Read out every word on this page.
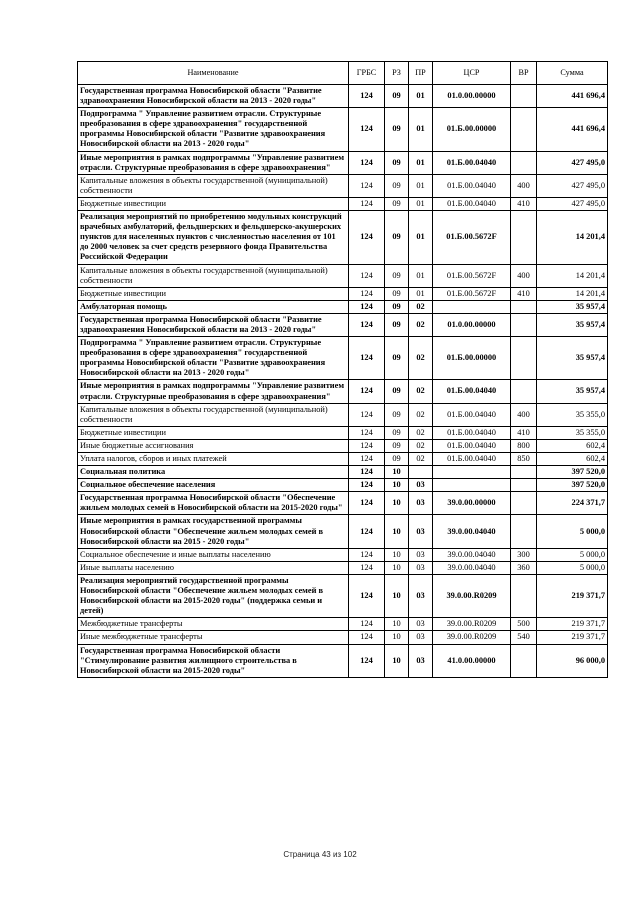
Наименование	ГРБС	РЗ	ПР	ЦСР	ВР	Сумма
Государственная программа Новосибирской области "Развитие здравоохранения Новосибирской области на 2013 - 2020 годы"	124	09	01	01.0.00.00000		441 696,4
Подпрограмма " Управление развитием отрасли. Структурные преобразования в сфере здравоохранения" государственной программы Новосибирской области "Развитие здравоохранения Новосибирской области на 2013 - 2020 годы"	124	09	01	01.Б.00.00000		441 696,4
Иные мероприятия в рамках подпрограммы "Управление развитием отрасли. Структурные преобразования в сфере здравоохранения"	124	09	01	01.Б.00.04040		427 495,0
Капитальные вложения в объекты государственной (муниципальной) собственности	124	09	01	01.Б.00.04040	400	427 495,0
Бюджетные инвестиции	124	09	01	01.Б.00.04040	410	427 495,0
Реализация мероприятий по приобретению модульных конструкций врачебных амбулаторий, фельдшерских и фельдшерско-акушерских пунктов для населенных пунктов с численностью населения от 101 до 2000 человек за счет средств резервного фонда Правительства Российской Федерации	124	09	01	01.Б.00.5672F		14 201,4
Капитальные вложения в объекты государственной (муниципальной) собственности	124	09	01	01.Б.00.5672F	400	14 201,4
Бюджетные инвестиции	124	09	01	01.Б.00.5672F	410	14 201,4
Амбулаторная помощь	124	09	02			35 957,4
Государственная программа Новосибирской области "Развитие здравоохранения Новосибирской области на 2013 - 2020 годы"	124	09	02	01.0.00.00000		35 957,4
Подпрограмма " Управление развитием отрасли. Структурные преобразования в сфере здравоохранения" государственной программы Новосибирской области "Развитие здравоохранения Новосибирской области на 2013 - 2020 годы"	124	09	02	01.Б.00.00000		35 957,4
Иные мероприятия в рамках подпрограммы "Управление развитием отрасли. Структурные преобразования в сфере здравоохранения"	124	09	02	01.Б.00.04040		35 957,4
Капитальные вложения в объекты государственной (муниципальной) собственности	124	09	02	01.Б.00.04040	400	35 355,0
Бюджетные инвестиции	124	09	02	01.Б.00.04040	410	35 355,0
Иные бюджетные ассигнования	124	09	02	01.Б.00.04040	800	602,4
Уплата налогов, сборов и иных платежей	124	09	02	01.Б.00.04040	850	602,4
Социальная политика	124	10				397 520,0
Социальное обеспечение населения	124	10	03			397 520,0
Государственная программа Новосибирской области "Обеспечение жильем молодых семей в Новосибирской области на 2015-2020 годы"	124	10	03	39.0.00.00000		224 371,7
Иные мероприятия в рамках государственной программы Новосибирской области "Обеспечение жильем молодых семей в Новосибирской области на 2015 - 2020 годы"	124	10	03	39.0.00.04040		5 000,0
Социальное обеспечение и иные выплаты населению	124	10	03	39.0.00.04040	300	5 000,0
Иные выплаты населению	124	10	03	39.0.00.04040	360	5 000,0
Реализация мероприятий государственной программы Новосибирской области "Обеспечение жильем молодых семей в Новосибирской области на 2015-2020 годы" (поддержка семьи и детей)	124	10	03	39.0.00.R0209		219 371,7
Межбюджетные трансферты	124	10	03	39.0.00.R0209	500	219 371,7
Иные межбюджетные трансферты	124	10	03	39.0.00.R0209	540	219 371,7
Государственная программа Новосибирской области "Стимулирование развития жилищного строительства в Новосибирской области на 2015-2020 годы"	124	10	03	41.0.00.00000		96 000,0
Страница 43 из 102
